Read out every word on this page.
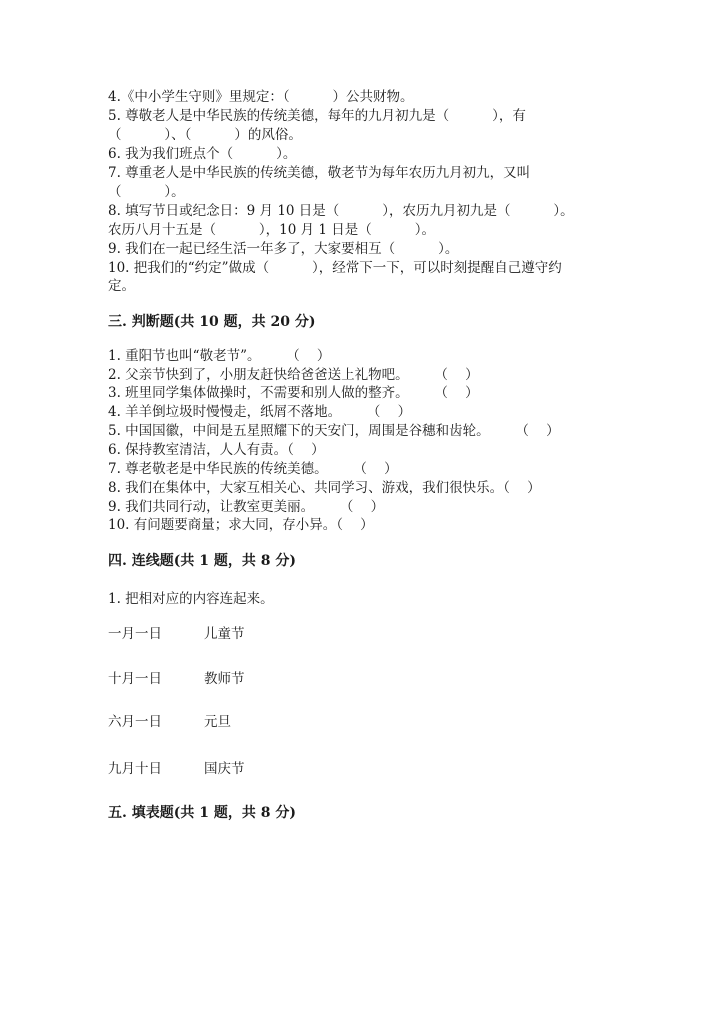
4.《中小学生守则》里规定：（          ）公共财物。
5. 尊敬老人是中华民族的传统美德，每年的九月初九是（          ），有
（          ）、（          ）的风俗。
6. 我为我们班点个（          ）。
7. 尊重老人是中华民族的传统美德，敬老节为每年农历九月初九，又叫
（          ）。
8. 填写节日或纪念日：9 月 10 日是（          ），农历九月初九是（          ）。
农历八月十五是（          ），10 月 1 日是（          ）。
9. 我们在一起已经生活一年多了，大家要相互（          ）。
10. 把我们的“约定”做成（          ），经常下一下，可以时刻提醒自己遵守约
定。
三. 判断题(共 10 题，共 20 分)
1. 重阳节也叫“敬老节”。      （    ）
2. 父亲节快到了，小朋友赶快给爸爸送上礼物吧。      （    ）
3. 班里同学集体做操时，不需要和别人做的整齐。      （    ）
4. 羊羊倒垃圾时慢慢走，纸屑不落地。      （    ）
5. 中国国徽，中间是五星照耀下的天安门，周围是谷穗和齿轮。      （    ）
6. 保持教室清洁，人人有责。（    ）
7. 尊老敬老是中华民族的传统美德。      （    ）
8. 我们在集体中，大家互相关心、共同学习、游戏，我们很快乐。（    ）
9. 我们共同行动，让教室更美丽。      （    ）
10. 有问题要商量；求大同，存小异。（    ）
四. 连线题(共 1 题，共 8 分)
1. 把相对应的内容连起来。
一月一日	儿童节
十月一日	教师节
六月一日	元旦
九月十日	国庆节
五. 填表题(共 1 题，共 8 分)
